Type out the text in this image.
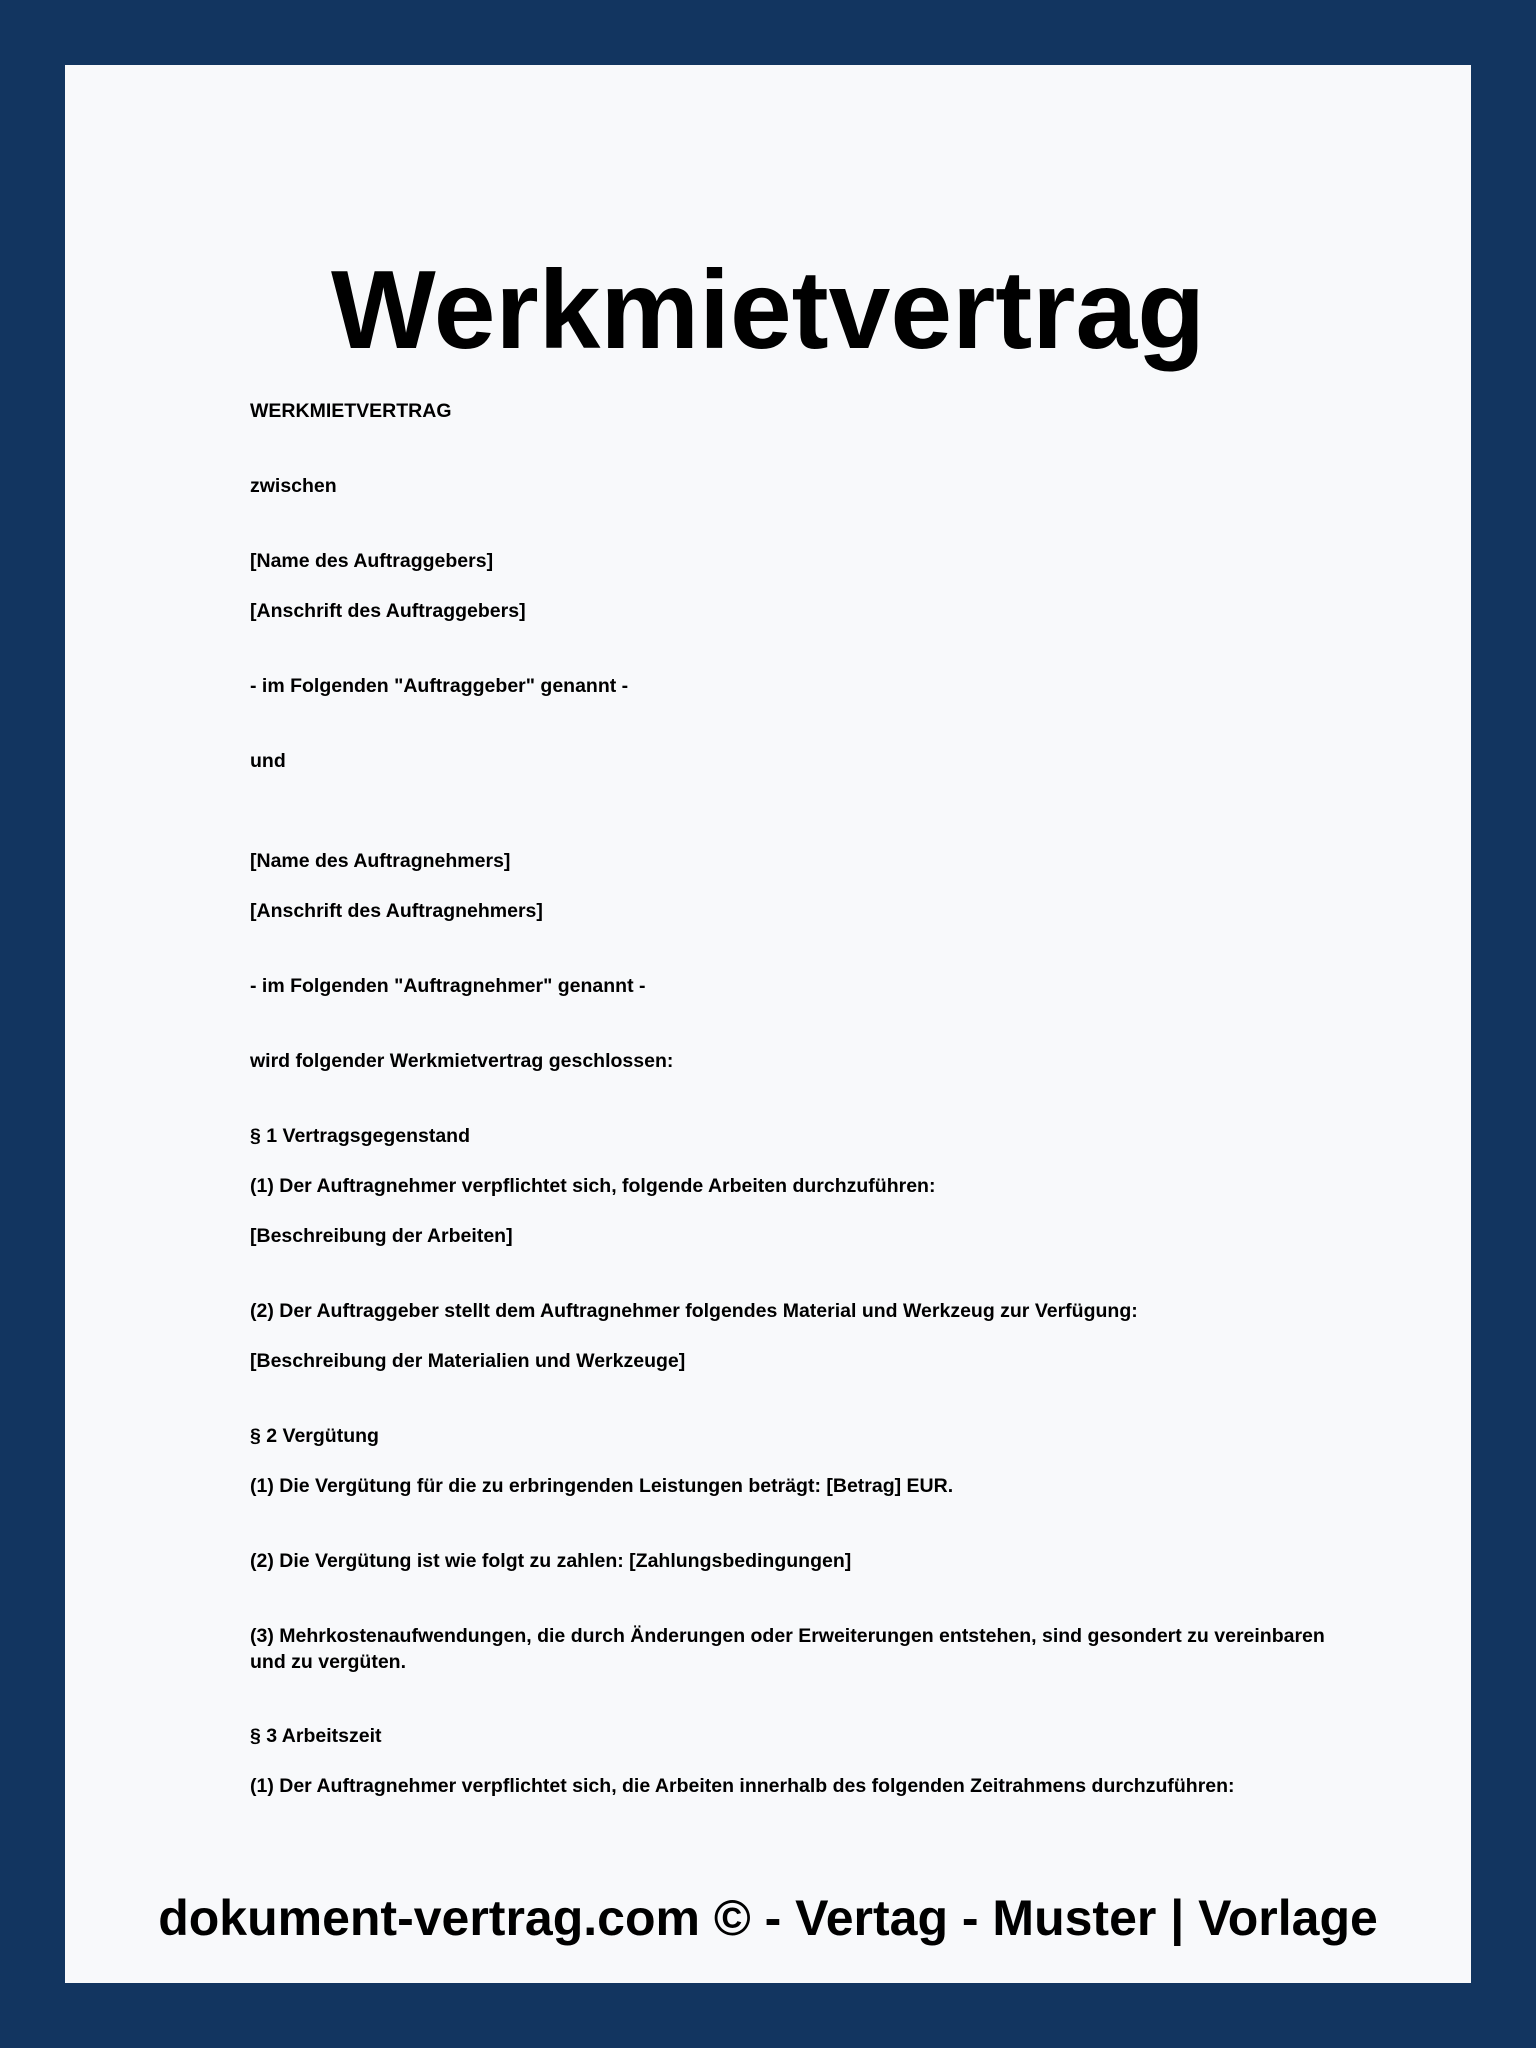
Werkmietvertrag

WERKMIETVERTRAG

zwischen

[Name des Auftraggebers]

[Anschrift des Auftraggebers]

- im Folgenden "Auftraggeber" genannt -

und

[Name des Auftragnehmers]

[Anschrift des Auftragnehmers]

- im Folgenden "Auftragnehmer" genannt -

wird folgender Werkmietvertrag geschlossen:

§ 1 Vertragsgegenstand

(1) Der Auftragnehmer verpflichtet sich, folgende Arbeiten durchzuführen:

[Beschreibung der Arbeiten]

(2) Der Auftraggeber stellt dem Auftragnehmer folgendes Material und Werkzeug zur Verfügung:

[Beschreibung der Materialien und Werkzeuge]

§ 2 Vergütung

(1) Die Vergütung für die zu erbringenden Leistungen beträgt: [Betrag] EUR.

(2) Die Vergütung ist wie folgt zu zahlen: [Zahlungsbedingungen]

(3) Mehrkostenaufwendungen, die durch Änderungen oder Erweiterungen entstehen, sind gesondert zu vereinbaren und zu vergüten.

§ 3 Arbeitszeit

(1) Der Auftragnehmer verpflichtet sich, die Arbeiten innerhalb des folgenden Zeitrahmens durchzuführen:

dokument-vertrag.com © - Vertag - Muster | Vorlage
